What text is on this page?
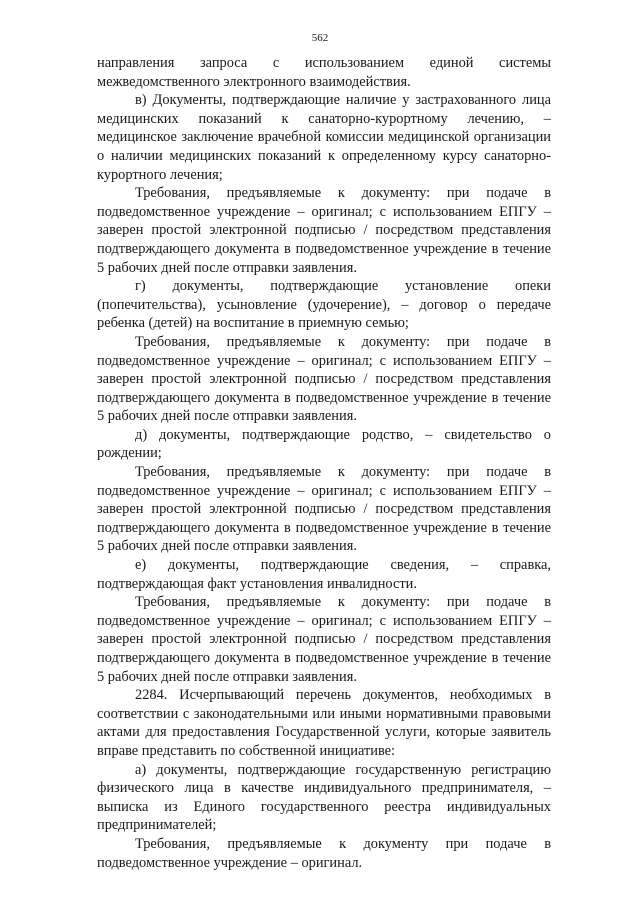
562

направления запроса с использованием единой системы межведомственного электронного взаимодействия.

в) Документы, подтверждающие наличие у застрахованного лица медицинских показаний к санаторно-курортному лечению, – медицинское заключение врачебной комиссии медицинской организации о наличии медицинских показаний к определенному курсу санаторно-курортного лечения;

Требования, предъявляемые к документу: при подаче в подведомственное учреждение – оригинал; с использованием ЕПГУ – заверен простой электронной подписью / посредством представления подтверждающего документа в подведомственное учреждение в течение 5 рабочих дней после отправки заявления.

г) документы, подтверждающие установление опеки (попечительства), усыновление (удочерение), – договор о передаче ребенка (детей) на воспитание в приемную семью;

Требования, предъявляемые к документу: при подаче в подведомственное учреждение – оригинал; с использованием ЕПГУ – заверен простой электронной подписью / посредством представления подтверждающего документа в подведомственное учреждение в течение 5 рабочих дней после отправки заявления.

д) документы, подтверждающие родство, – свидетельство о рождении;

Требования, предъявляемые к документу: при подаче в подведомственное учреждение – оригинал; с использованием ЕПГУ – заверен простой электронной подписью / посредством представления подтверждающего документа в подведомственное учреждение в течение 5 рабочих дней после отправки заявления.

е) документы, подтверждающие сведения, – справка, подтверждающая факт установления инвалидности.

Требования, предъявляемые к документу: при подаче в подведомственное учреждение – оригинал; с использованием ЕПГУ – заверен простой электронной подписью / посредством представления подтверждающего документа в подведомственное учреждение в течение 5 рабочих дней после отправки заявления.

2284. Исчерпывающий перечень документов, необходимых в соответствии с законодательными или иными нормативными правовыми актами для предоставления Государственной услуги, которые заявитель вправе представить по собственной инициативе:

а) документы, подтверждающие государственную регистрацию физического лица в качестве индивидуального предпринимателя, – выписка из Единого государственного реестра индивидуальных предпринимателей;

Требования, предъявляемые к документу при подаче в подведомственное учреждение – оригинал.
